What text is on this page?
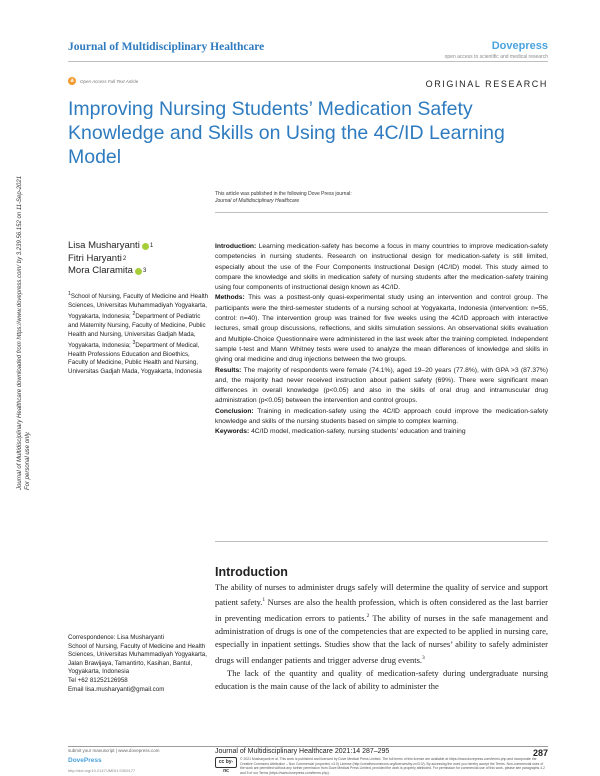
Journal of Multidisciplinary Healthcare	Dovepress
open access to scientific and medical research
a	Open Access Full Text Article	ORIGINAL RESEARCH
Improving Nursing Students’ Medication Safety Knowledge and Skills on Using the 4C/ID Learning Model
This article was published in the following Dove Press journal:
Journal of Multidisciplinary Healthcare
Lisa Musharyanti 1
Fitri Haryanti 2
Mora Claramita 3
$^1$School of Nursing, Faculty of Medicine and Health Sciences, Universitas Muhammadiyah Yogyakarta, Yogyakarta, Indonesia; $^2$Department of Pediatric and Maternity Nursing, Faculty of Medicine, Public Health and Nursing, Universitas Gadjah Mada, Yogyakarta, Indonesia; $^3$Department of Medical, Health Professions Education and Bioethics, Faculty of Medicine, Public Health and Nursing, Universitas Gadjah Mada, Yogyakarta, Indonesia

Introduction: Learning medication-safety has become a focus in many countries to improve medication-safety competencies in nursing students. Research on instructional design for medication-safety is still limited, especially about the use of the Four Components Instructional Design (4C/ID) model. This study aimed to compare the knowledge and skills in medication safety of nursing students after the medication-safety training using four components of instructional design known as 4C/ID.

Methods: This was a posttest-only quasi-experimental study using an intervention and control group. The participants were the third-semester students of a nursing school at Yogyakarta, Indonesia (intervention: n=55, control: n=40). The intervention group was trained for five weeks using the 4C/ID approach with interactive lectures, small group discussions, reflections, and skills simulation sessions. An observational skills evaluation and Multiple-Choice Questionnaire were administered in the last week after the training completed. Independent sample t-test and Mann Whitney tests were used to analyze the mean differences of knowledge and skills in giving oral medicine and drug injections between the two groups.

Results: The majority of respondents were female (74.1%), aged 19–20 years (77.8%), with GPA >3 (87.37%) and, the majority had never received instruction about patient safety (69%). There were significant mean differences in overall knowledge (p<0.05) and also in the skills of oral drug and intramuscular drug administration (p<0.05) between the intervention and control groups.

Conclusion: Training in medication-safety using the 4C/ID approach could improve the medication-safety knowledge and skills of the nursing students based on simple to complex learning.

Keywords: 4C/ID model, medication-safety, nursing students’ education and training

Introduction

The ability of nurses to administer drugs safely will determine the quality of service and support patient safety.$^1$ Nurses are also the health profession, which is often considered as the last barrier in preventing medication errors to patients.$^2$ The ability of nurses in the safe management and administration of drugs is one of the competencies that are expected to be applied in nursing care, especially in inpatient settings. Studies show that the lack of nurses’ ability to safely administer drugs will endanger patients and trigger adverse drug events.$^3$

The lack of the quantity and quality of medication-safety during undergraduate nursing education is the main cause of the lack of ability to administer the

Correspondence: Lisa Musharyanti
School of Nursing, Faculty of Medicine and Health Sciences, Universitas Muhammadiyah Yogyakarta, Jalan Brawijaya, Tamantirto, Kasihan, Bantul, Yogyakarta, Indonesia
Tel +62 81252126958
Email lisa.musharyanti@gmail.com
Journal of Multidisciplinary Healthcare downloaded from https://www.dovepress.com/ by 3.239.56.152 on 11-Sep-2021 For personal use only.
submit your manuscript | www.dovepress.com
DovePress
http://doi.org/10.2147/JMDH.S309177
Journal of Multidisciplinary Healthcare 2021:14 287–295	287
cc by-nc
© 2021 Musharyanti et al. This work is published and licensed by Dove Medical Press Limited. The full terms of this license are available at https://www.dovepress.com/terms.php and incorporate the Creative Commons Attribution – Non Commercial (unported, v3.0) License (http://creativecommons.org/licenses/by-nc/3.0/). By accessing the work you hereby accept the Terms. Non-commercial uses of the work are permitted without any further permission from Dove Medical Press Limited, provided the work is properly attributed. For permission for commercial use of this work, please see paragraphs 4.2 and 5 of our Terms (https://www.dovepress.com/terms.php).
